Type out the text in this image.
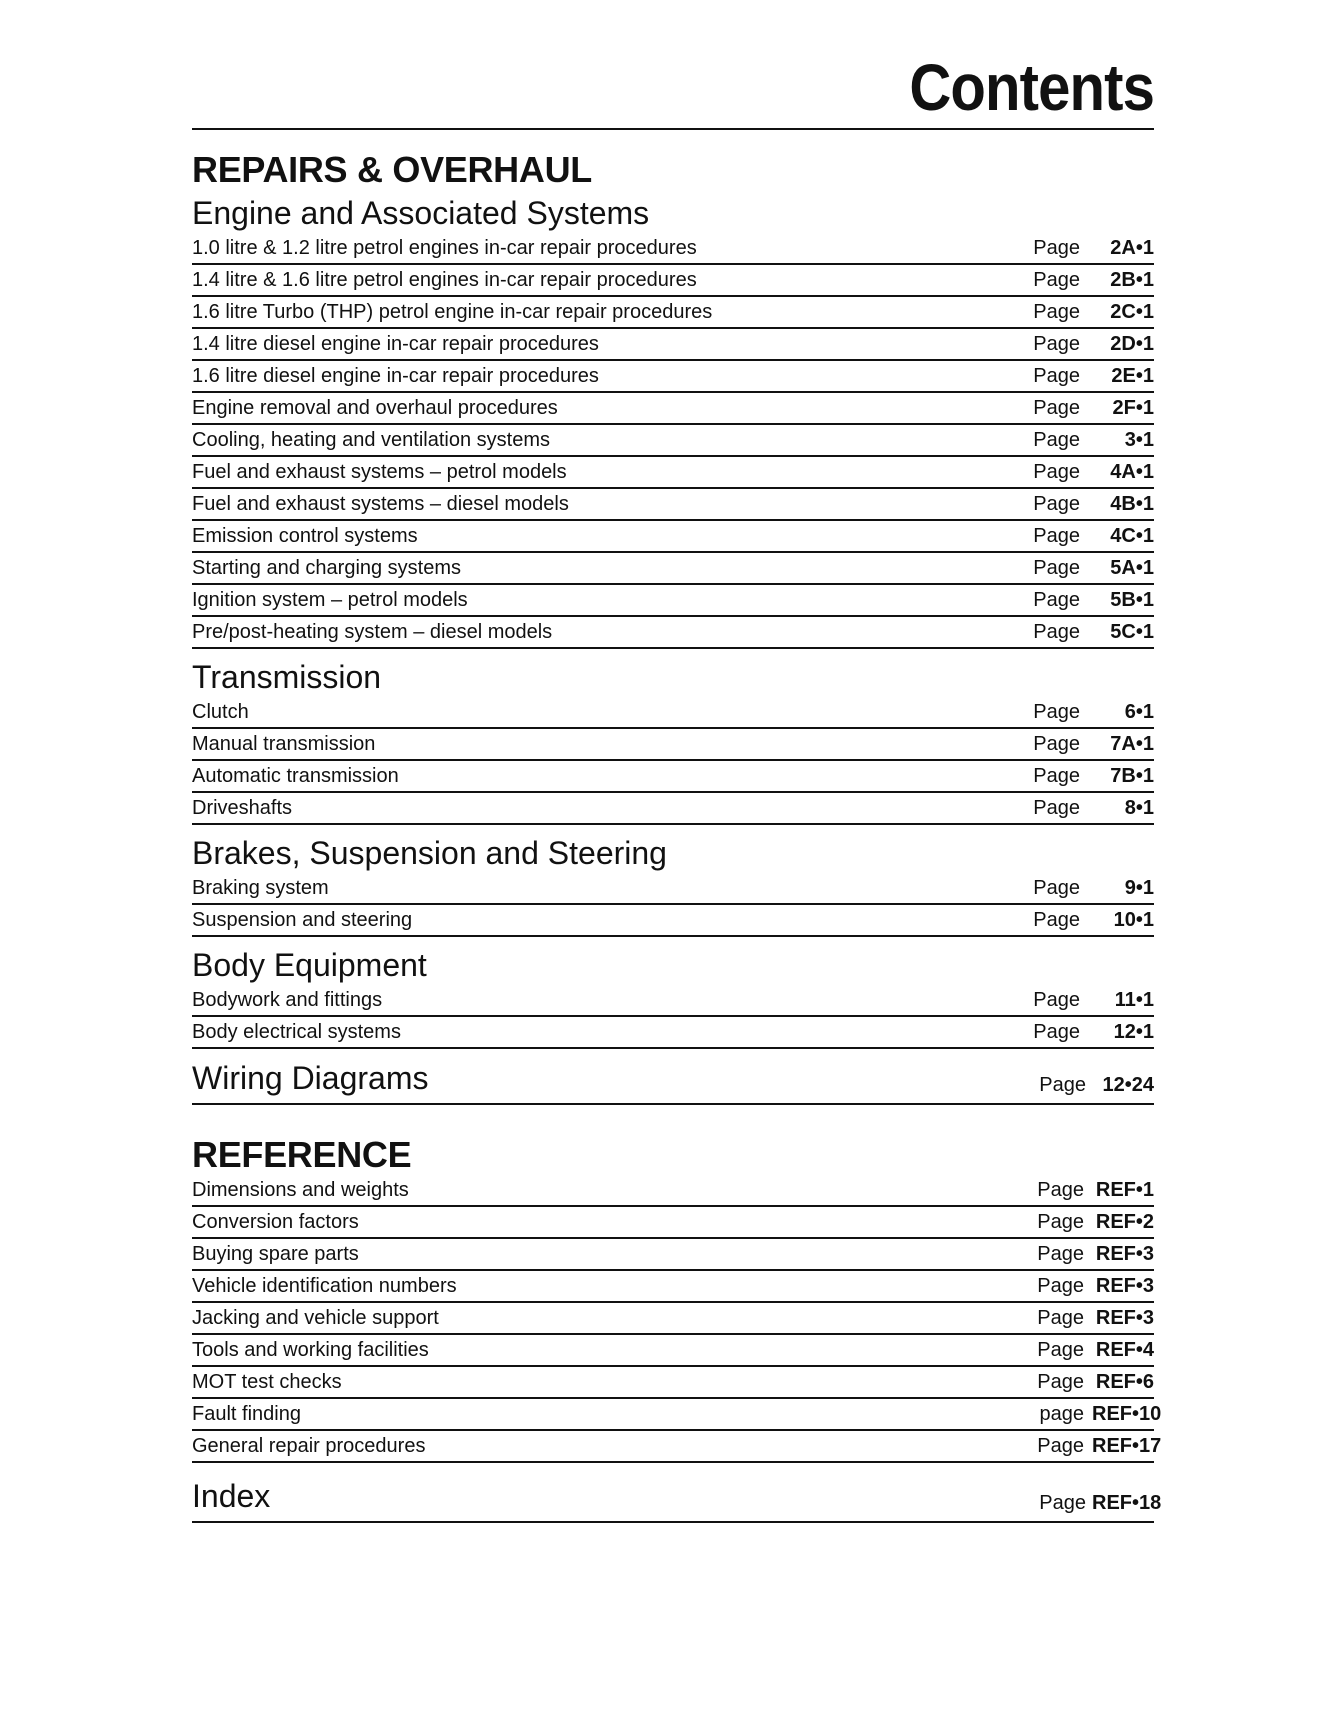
Contents
REPAIRS & OVERHAUL
Engine and Associated Systems
1.0 litre & 1.2 litre petrol engines in-car repair procedures	Page	2A•1
1.4 litre & 1.6 litre petrol engines in-car repair procedures	Page	2B•1
1.6 litre Turbo (THP) petrol engine in-car repair procedures	Page	2C•1
1.4 litre diesel engine in-car repair procedures	Page	2D•1
1.6 litre diesel engine in-car repair procedures	Page	2E•1
Engine removal and overhaul procedures	Page	2F•1
Cooling, heating and ventilation systems	Page	3•1
Fuel and exhaust systems – petrol models	Page	4A•1
Fuel and exhaust systems – diesel models	Page	4B•1
Emission control systems	Page	4C•1
Starting and charging systems	Page	5A•1
Ignition system – petrol models	Page	5B•1
Pre/post-heating system – diesel models	Page	5C•1
Transmission
Clutch	Page	6•1
Manual transmission	Page	7A•1
Automatic transmission	Page	7B•1
Driveshafts	Page	8•1
Brakes, Suspension and Steering
Braking system	Page	9•1
Suspension and steering	Page	10•1
Body Equipment
Bodywork and fittings	Page	11•1
Body electrical systems	Page	12•1
Wiring Diagrams	Page 12•24
REFERENCE
Dimensions and weights	Page REF•1
Conversion factors	Page REF•2
Buying spare parts	Page REF•3
Vehicle identification numbers	Page REF•3
Jacking and vehicle support	Page REF•3
Tools and working facilities	Page REF•4
MOT test checks	Page REF•6
Fault finding	page REF•10
General repair procedures	Page REF•17
Index	Page REF•18
